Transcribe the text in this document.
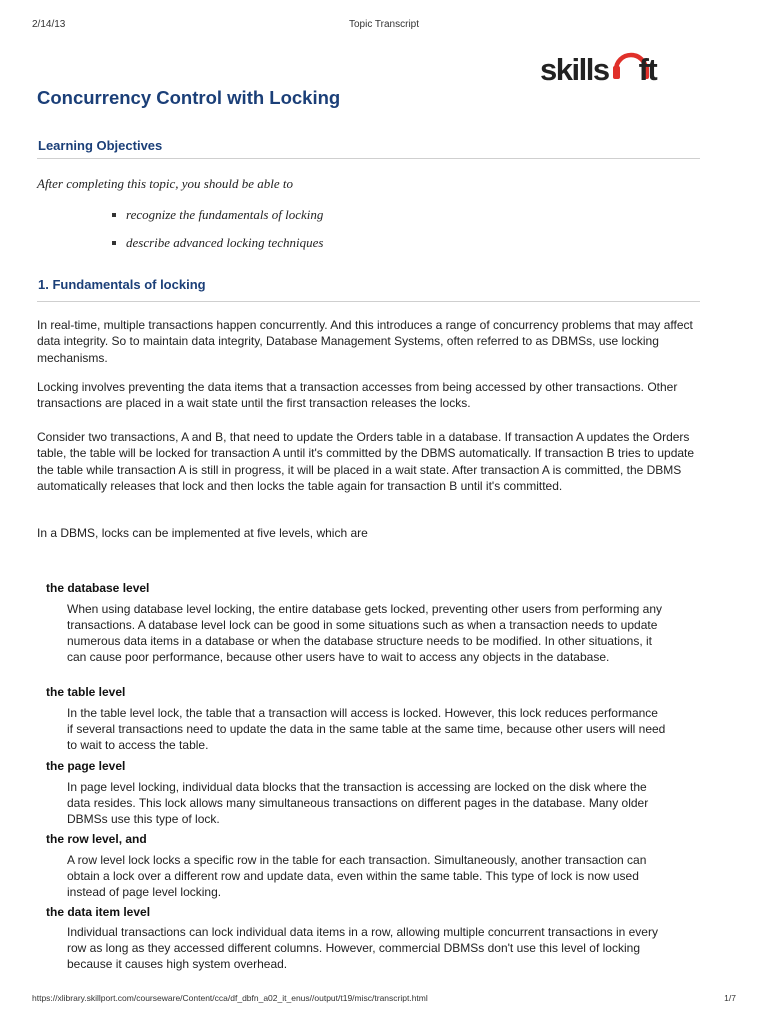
2/14/13	Topic Transcript
skills ft
Concurrency Control with Locking
Learning Objectives

After completing this topic, you should be able to

recognize the fundamentals of locking
describe advanced locking techniques
1. Fundamentals of locking

In real-time, multiple transactions happen concurrently. And this introduces a range of concurrency problems that may affect data integrity. So to maintain data integrity, Database Management Systems, often referred to as DBMSs, use locking mechanisms.

Locking involves preventing the data items that a transaction accesses from being accessed by other transactions. Other transactions are placed in a wait state until the first transaction releases the locks.

Consider two transactions, A and B, that need to update the Orders table in a database. If transaction A updates the Orders table, the table will be locked for transaction A until it's committed by the DBMS automatically. If transaction B tries to update the table while transaction A is still in progress, it will be placed in a wait state. After transaction A is committed, the DBMS automatically releases that lock and then locks the table again for transaction B until it's committed.

In a DBMS, locks can be implemented at five levels, which are

the database level

When using database level locking, the entire database gets locked, preventing other users from performing any transactions. A database level lock can be good in some situations such as when a transaction needs to update numerous data items in a database or when the database structure needs to be modified. In other situations, it can cause poor performance, because other users have to wait to access any objects in the database.

the table level

In the table level lock, the table that a transaction will access is locked. However, this lock reduces performance if several transactions need to update the data in the same table at the same time, because other users will need to wait to access the table.

the page level

In page level locking, individual data blocks that the transaction is accessing are locked on the disk where the data resides. This lock allows many simultaneous transactions on different pages in the database. Many older DBMSs use this type of lock.

the row level, and

A row level lock locks a specific row in the table for each transaction. Simultaneously, another transaction can obtain a lock over a different row and update data, even within the same table. This type of lock is now used instead of page level locking.

the data item level

Individual transactions can lock individual data items in a row, allowing multiple concurrent transactions in every row as long as they accessed different columns. However, commercial DBMSs don't use this level of locking because it causes high system overhead.

https://xlibrary.skillport.com/courseware/Content/cca/df_dbfn_a02_it_enus//output/t19/misc/transcript.html	1/7
